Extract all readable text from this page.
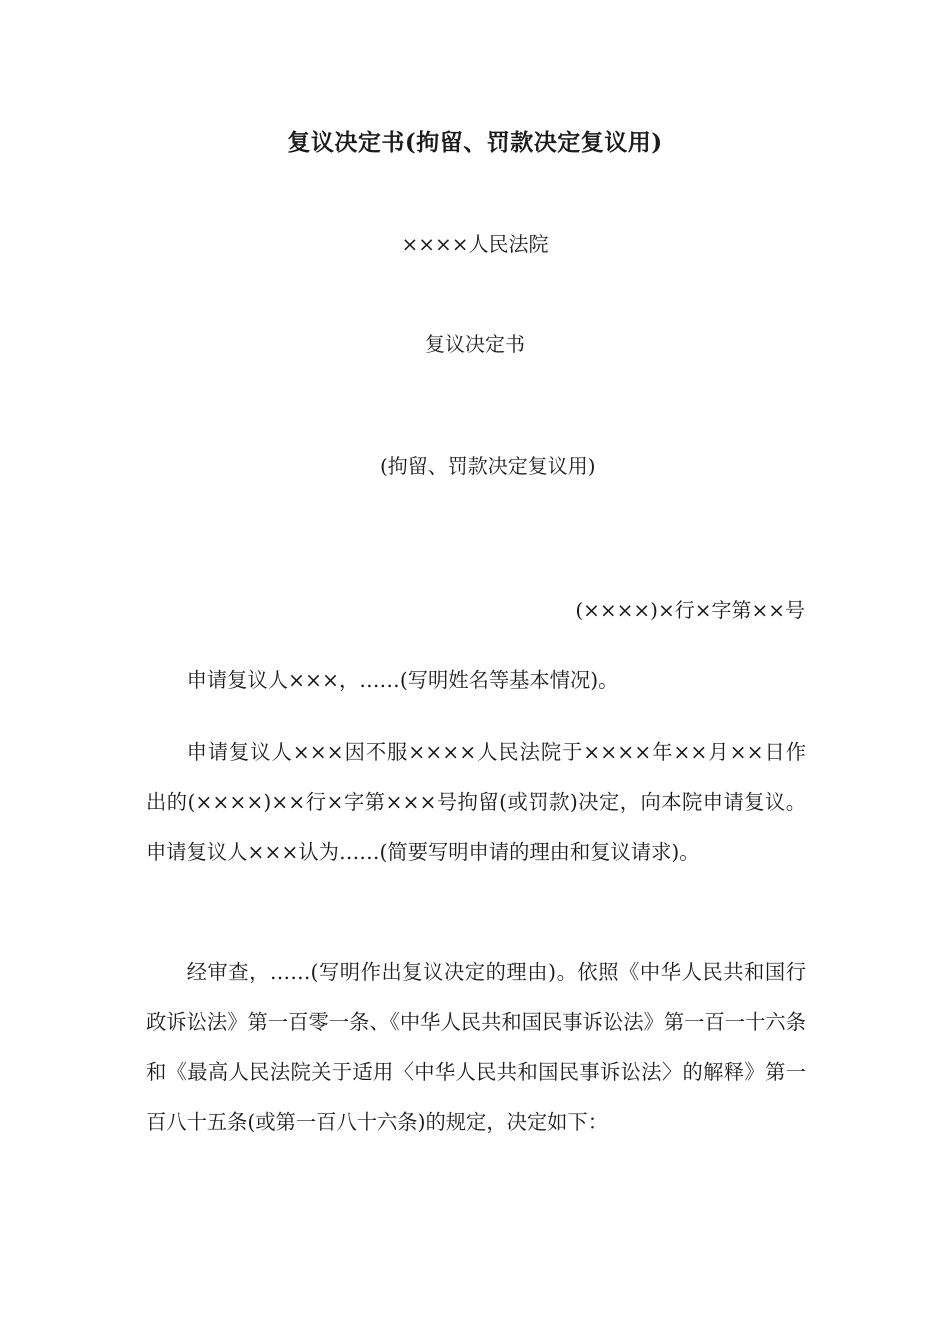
复议决定书(拘留、罚款决定复议用)

××××人民法院

复议决定书

(拘留、罚款决定复议用)

(××××)×行×字第××号

申请复议人×××，……(写明姓名等基本情况)。

申请复议人×××因不服××××人民法院于××××年××月××日作出的(××××)××行×字第×××号拘留(或罚款)决定，向本院申请复议。申请复议人×××认为……(简要写明申请的理由和复议请求)。

经审查，……(写明作出复议决定的理由)。依照《中华人民共和国行政诉讼法》第一百零一条、《中华人民共和国民事诉讼法》第一百一十六条和《最高人民法院关于适用〈中华人民共和国民事诉讼法〉的解释》第一百八十五条(或第一百八十六条)的规定，决定如下：
